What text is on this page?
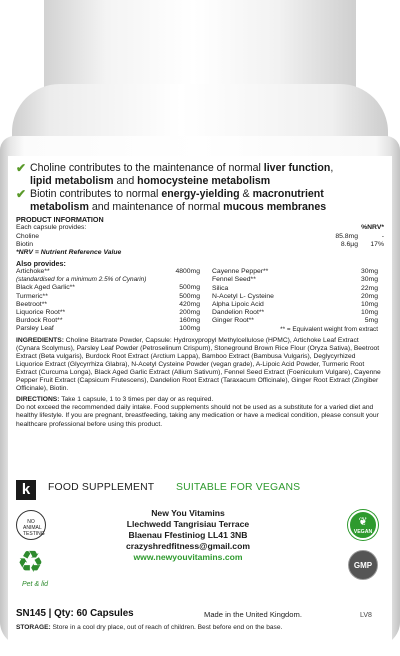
✔ Choline contributes to the maintenance of normal liver function,
lipid metabolism and homocysteine metabolism
✔ Biotin contributes to normal energy-yielding & macronutrient
metabolism and maintenance of normal mucous membranes
PRODUCT INFORMATION
Each capsule provides:	%NRV*
Choline	85.8mg	-
Biotin	8.6µg	17%
*NRV = Nutrient Reference Value
Also provides:
Artichoke**	4800mg
(standardised for a minimum 2.5% of Cynarin)
Black Aged Garlic**	500mg
Turmeric**	500mg
Beetroot**	420mg
Liquorice Root**	200mg
Burdock Root**	160mg
Parsley Leaf	100mg
Cayenne Pepper**	30mg
Fennel Seed**	30mg
Silica	22mg
N-Acetyl L- Cysteine	20mg
Alpha Lipoic Acid	10mg
Dandelion Root**	10mg
Ginger Root**	5mg
** = Equivalent weight from extract
INGREDIENTS: Choline Bitartrate Powder, Capsule: Hydroxypropyl Methylcellulose (HPMC), Artichoke Leaf Extract (Cynara Scolymus), Parsley Leaf Powder (Petroselinum Crispum), Stoneground Brown Rice Flour (Oryza Sativa), Beetroot Extract (Beta vulgaris), Burdock Root Extract (Arctium Lappa), Bamboo Extract (Bambusa Vulgaris), Deglycyrhized Liquorice Extract (Glycyrrhiza Glabra), N-Acetyl Cysteine Powder (vegan grade), A-Lipoic Acid Powder, Turmeric Root Extract (Curcuma Longa), Black Aged Garlic Extract (Allium Sativum), Fennel Seed Extract (Foeniculum Vulgare), Cayenne Pepper Fruit Extract (Capsicum Frutescens), Dandelion Root Extract (Taraxacum Officinale), Ginger Root Extract (Zingiber Officinale), Biotin.
DIRECTIONS: Take 1 capsule, 1 to 3 times per day or as required.
Do not exceed the recommended daily intake. Food supplements should not be used as a substitute for a varied diet and healthy lifestyle. If you are pregnant, breastfeeding, taking any medication or have a medical condition, please consult your healthcare professional before using this product.
k	FOOD SUPPLEMENT SUITABLE FOR VEGANS
NO ANIMAL TESTING
♻
Pet & lid
New You Vitamins
Llechwedd Tangrisiau Terrace
Blaenau Ffestiniog LL41 3NB
crazyshredfitness@gmail.com
www.newyouvitamins.com
❦
VEGAN
GMP
SN145 | Qty: 60 Capsules	Made in the United Kingdom.	LV8
STORAGE: Store in a cool dry place, out of reach of children. Best before end on the base.
